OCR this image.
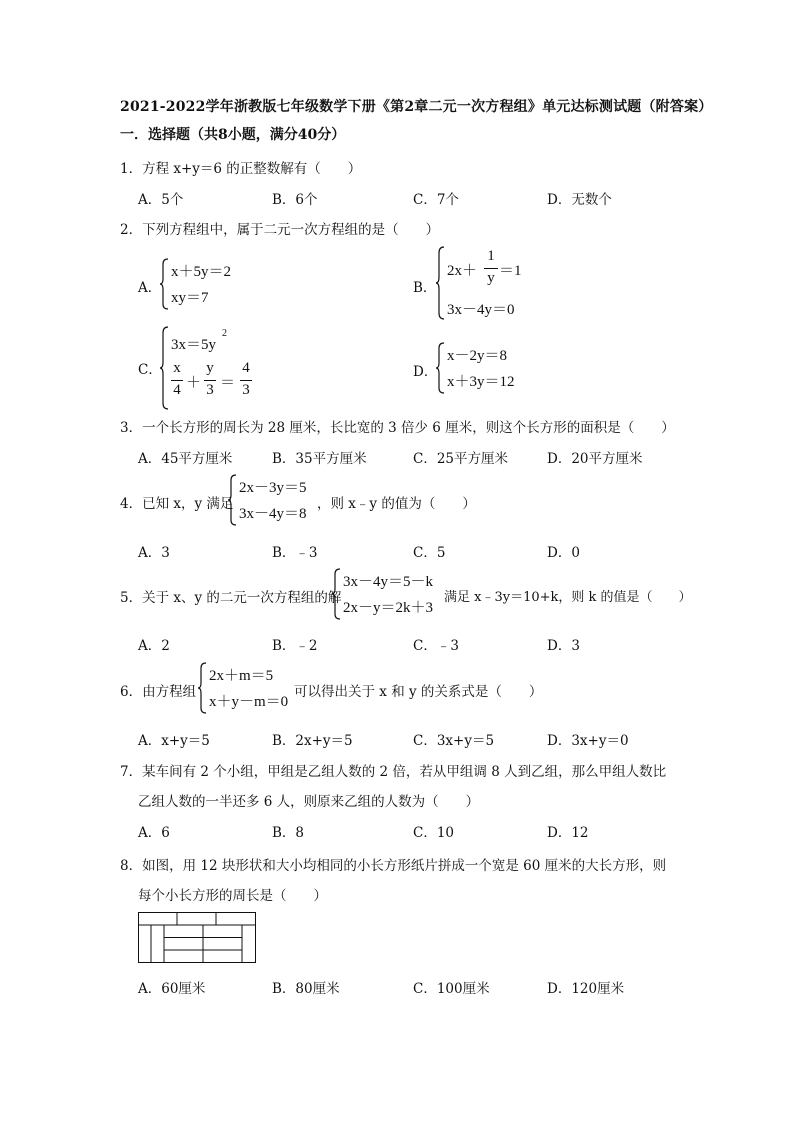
2021-2022学年浙教版七年级数学下册《第2章二元一次方程组》单元达标测试题（附答案）
一．选择题（共8小题，满分40分）
1．方程 x+y＝6 的正整数解有（　　）
A．5个	B．6个	C．7个	D．无数个
2．下列方程组中，属于二元一次方程组的是（　　）
A．
x＋5y＝2
xy＝7
B．
2x＋
1
y ＝1
3x－4y＝0
C．
3x＝5y
2
x
4 ＋
y
3 ＝
4
3
D．
x－2y＝8
x＋3y＝12
3．一个长方形的周长为 28 厘米，长比宽的 3 倍少 6 厘米，则这个长方形的面积是（　　）
A．45平方厘米	B．35平方厘米	C．25平方厘米	D．20平方厘米
4．已知 x，y 满足
2x－3y＝5
3x－4y＝8
，则 x﹣y 的值为（　　）
A．3	B．﹣3	C．5	D．0
5．关于 x、y 的二元一次方程组的解
3x－4y＝5－k
2x－y＝2k＋3
满足 x﹣3y＝10+k，则 k 的值是（　　）
A．2	B．﹣2	C．﹣3	D．3
6．由方程组
2x＋m＝5
x＋y－m＝0
可以得出关于 x 和 y 的关系式是（　　）
A．x+y＝5	B．2x+y＝5	C．3x+y＝5	D．3x+y＝0
7．某车间有 2 个小组，甲组是乙组人数的 2 倍，若从甲组调 8 人到乙组，那么甲组人数比
乙组人数的一半还多 6 人，则原来乙组的人数为（　　）
A．6	B．8	C．10	D．12
8．如图，用 12 块形状和大小均相同的小长方形纸片拼成一个宽是 60 厘米的大长方形，则
每个小长方形的周长是（　　）
A．60厘米	B．80厘米	C．100厘米	D．120厘米
